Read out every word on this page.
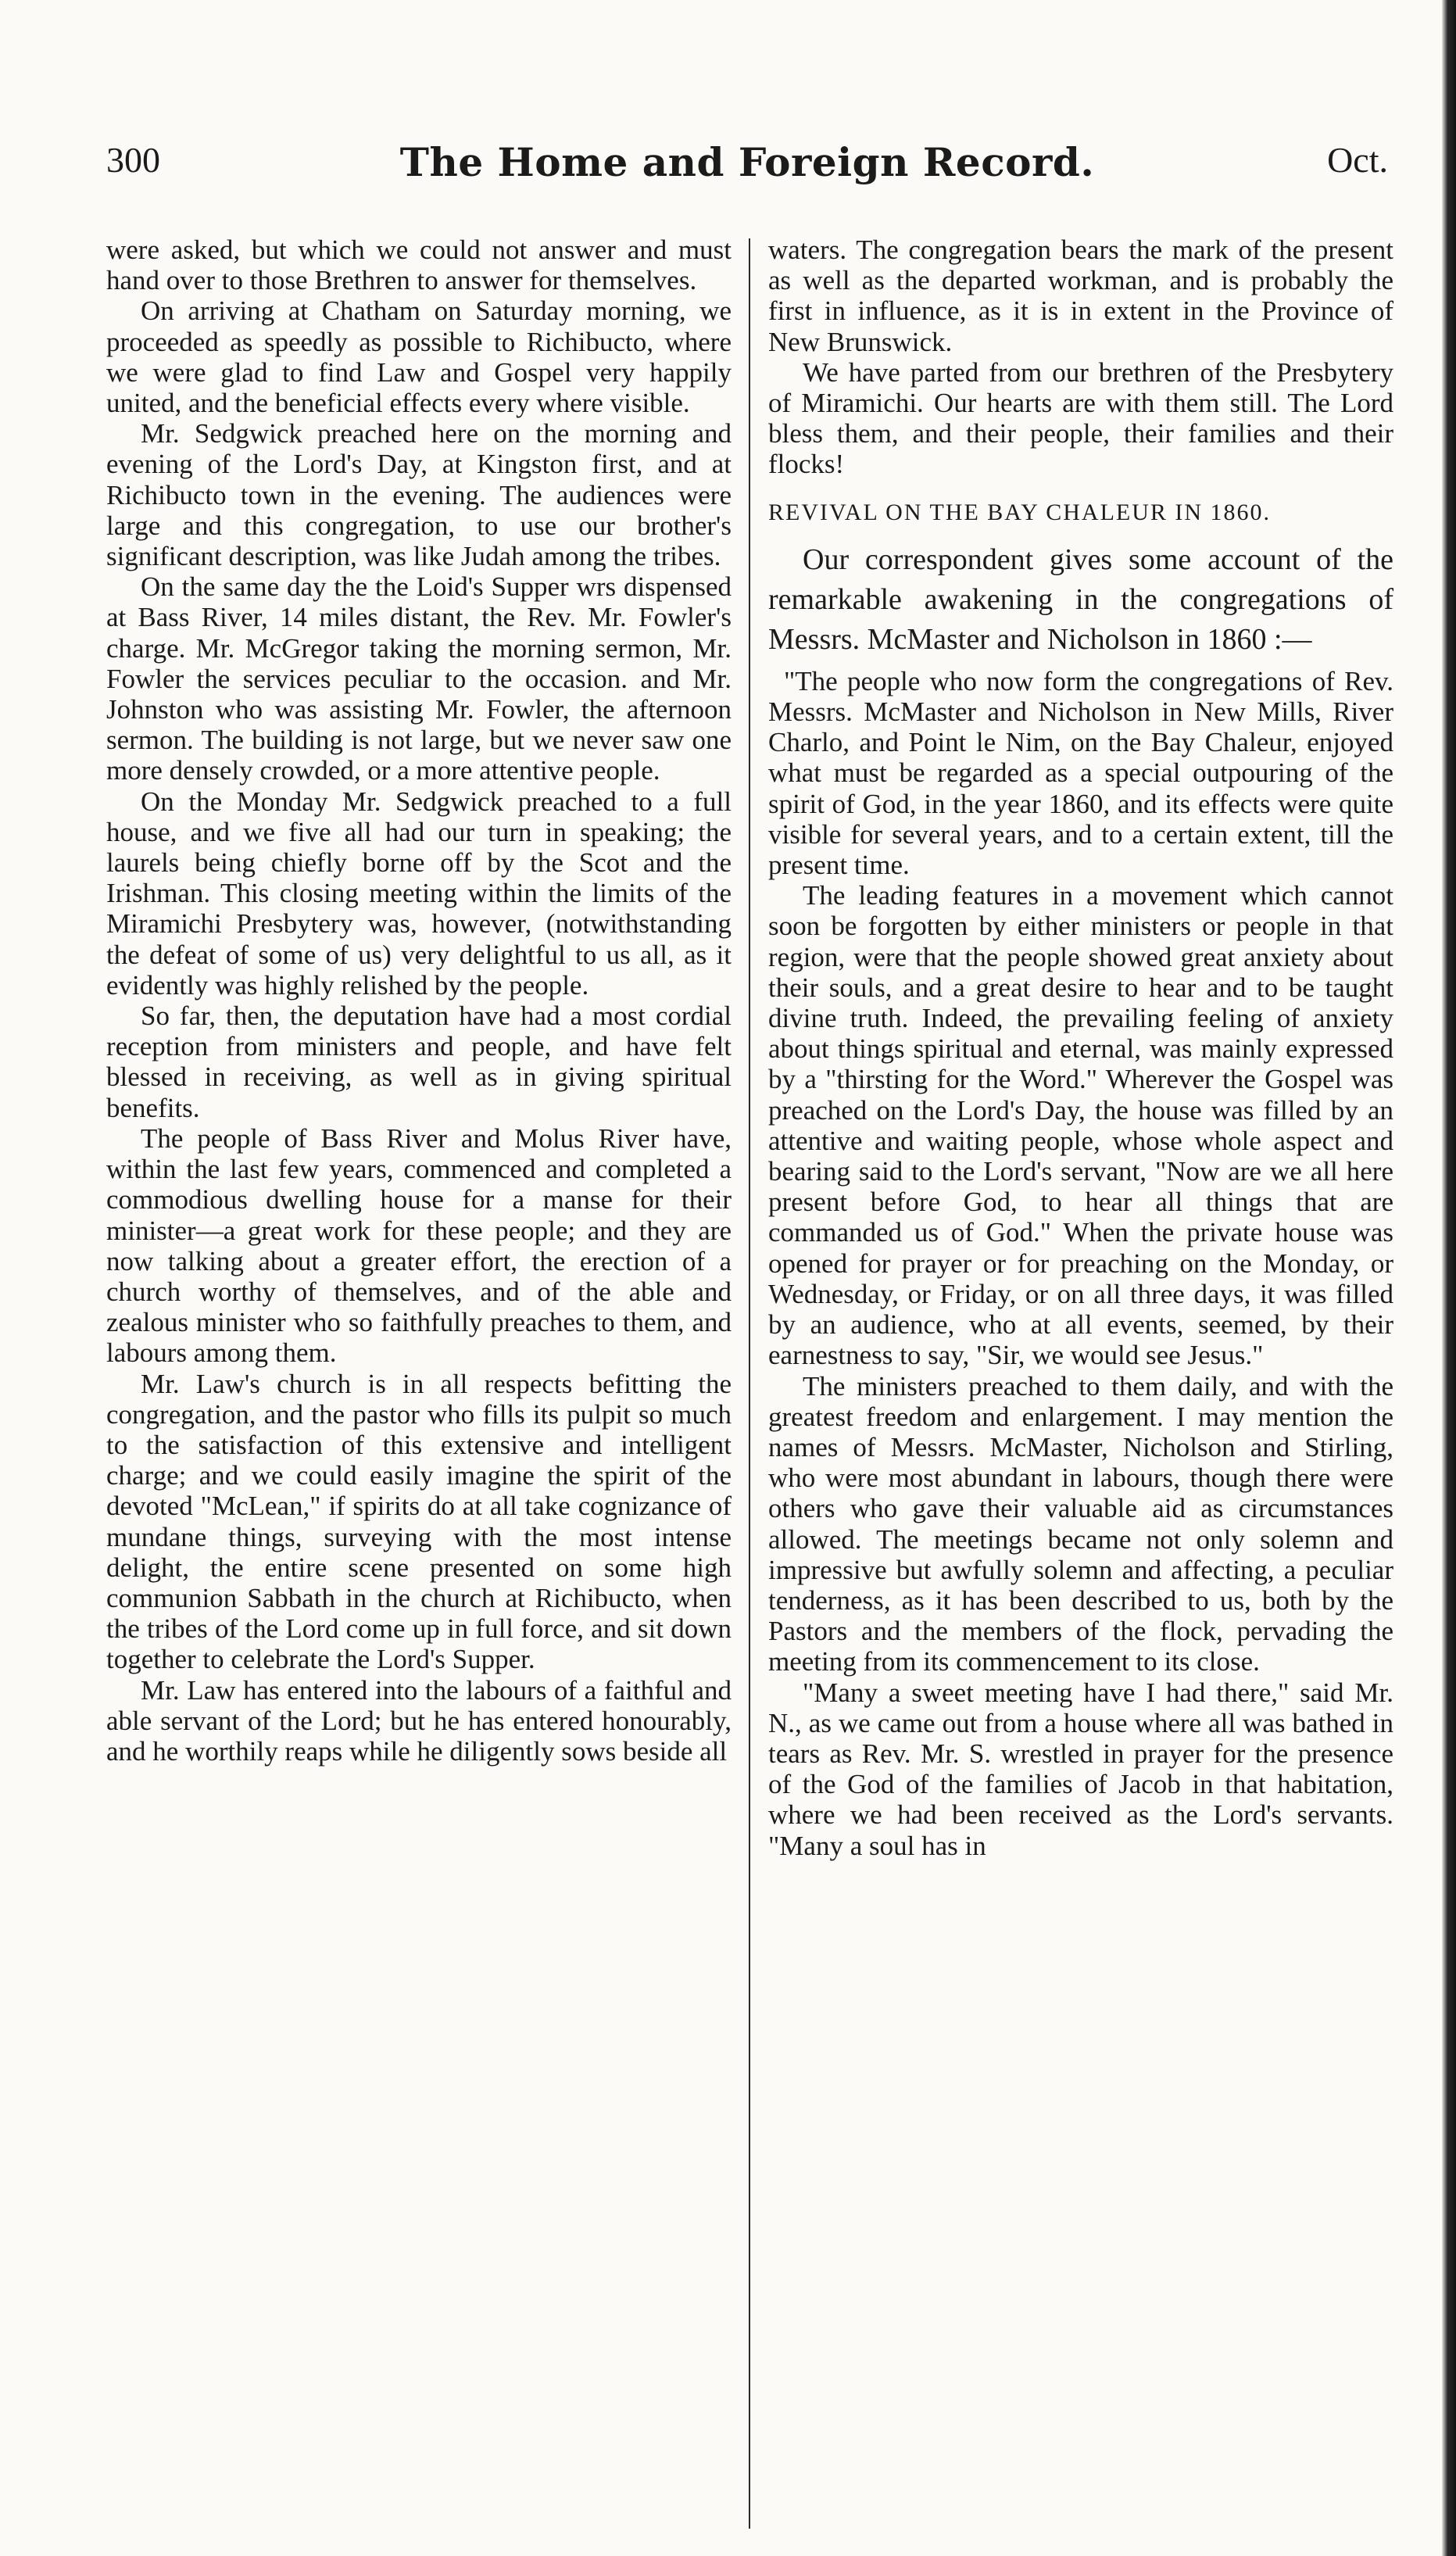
300	The Home and Foreign Record.	Oct.

were asked, but which we could not answer and must hand over to those Brethren to answer for themselves.

On arriving at Chatham on Saturday morning, we proceeded as speedly as possible to Richibucto, where we were glad to find Law and Gospel very happily united, and the beneficial effects every where visible.

Mr. Sedgwick preached here on the morning and evening of the Lord's Day, at Kingston first, and at Richibucto town in the evening. The audiences were large and this congregation, to use our brother's significant description, was like Judah among the tribes.

On the same day the the Loid's Supper wrs dispensed at Bass River, 14 miles distant, the Rev. Mr. Fowler's charge. Mr. McGregor taking the morning sermon, Mr. Fowler the services peculiar to the occasion. and Mr. Johnston who was assisting Mr. Fowler, the afternoon sermon. The building is not large, but we never saw one more densely crowded, or a more attentive people.

On the Monday Mr. Sedgwick preached to a full house, and we five all had our turn in speaking; the laurels being chiefly borne off by the Scot and the Irishman. This closing meeting within the limits of the Miramichi Presbytery was, however, (notwithstanding the defeat of some of us) very delightful to us all, as it evidently was highly relished by the people.

So far, then, the deputation have had a most cordial reception from ministers and people, and have felt blessed in receiving, as well as in giving spiritual benefits.

The people of Bass River and Molus River have, within the last few years, commenced and completed a commodious dwelling house for a manse for their minister—a great work for these people; and they are now talking about a greater effort, the erection of a church worthy of themselves, and of the able and zealous minister who so faithfully preaches to them, and labours among them.

Mr. Law's church is in all respects befitting the congregation, and the pastor who fills its pulpit so much to the satisfaction of this extensive and intelligent charge; and we could easily imagine the spirit of the devoted "McLean," if spirits do at all take cognizance of mundane things, surveying with the most intense delight, the entire scene presented on some high communion Sabbath in the church at Richibucto, when the tribes of the Lord come up in full force, and sit down together to celebrate the Lord's Supper.

Mr. Law has entered into the labours of a faithful and able servant of the Lord; but he has entered honourably, and he worthily reaps while he diligently sows beside all

waters. The congregation bears the mark of the present as well as the departed workman, and is probably the first in influence, as it is in extent in the Province of New Brunswick.

We have parted from our brethren of the Presbytery of Miramichi. Our hearts are with them still. The Lord bless them, and their people, their families and their flocks!

REVIVAL ON THE BAY CHALEUR IN 1860.

Our correspondent gives some account of the remarkable awakening in the congregations of Messrs. McMaster and Nicholson in 1860 :—

"The people who now form the congregations of Rev. Messrs. McMaster and Nicholson in New Mills, River Charlo, and Point le Nim, on the Bay Chaleur, enjoyed what must be regarded as a special outpouring of the spirit of God, in the year 1860, and its effects were quite visible for several years, and to a certain extent, till the present time.

The leading features in a movement which cannot soon be forgotten by either ministers or people in that region, were that the people showed great anxiety about their souls, and a great desire to hear and to be taught divine truth. Indeed, the prevailing feeling of anxiety about things spiritual and eternal, was mainly expressed by a "thirsting for the Word." Wherever the Gospel was preached on the Lord's Day, the house was filled by an attentive and waiting people, whose whole aspect and bearing said to the Lord's servant, "Now are we all here present before God, to hear all things that are commanded us of God." When the private house was opened for prayer or for preaching on the Monday, or Wednesday, or Friday, or on all three days, it was filled by an audience, who at all events, seemed, by their earnestness to say, "Sir, we would see Jesus."

The ministers preached to them daily, and with the greatest freedom and enlargement. I may mention the names of Messrs. McMaster, Nicholson and Stirling, who were most abundant in labours, though there were others who gave their valuable aid as circumstances allowed. The meetings became not only solemn and impressive but awfully solemn and affecting, a peculiar tenderness, as it has been described to us, both by the Pastors and the members of the flock, pervading the meeting from its commencement to its close.

"Many a sweet meeting have I had there," said Mr. N., as we came out from a house where all was bathed in tears as Rev. Mr. S. wrestled in prayer for the presence of the God of the families of Jacob in that habitation, where we had been received as the Lord's servants. "Many a soul has in
